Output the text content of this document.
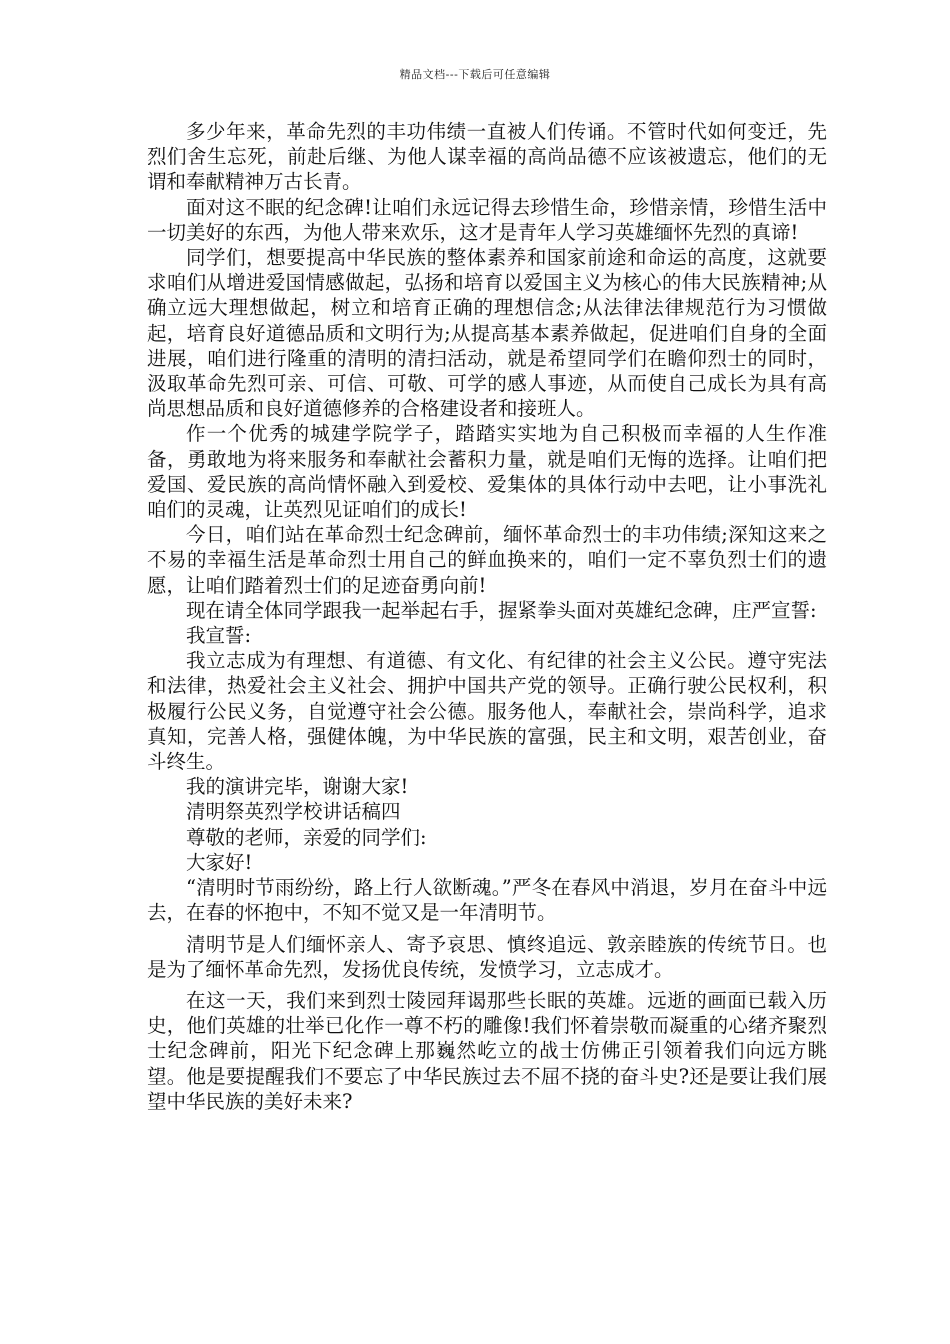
精品文档---下载后可任意编辑

多少年来，革命先烈的丰功伟绩一直被人们传诵。不管时代如何变迁，先烈们舍生忘死，前赴后继、为他人谋幸福的高尚品德不应该被遗忘，他们的无谓和奉献精神万古长青。

面对这不眠的纪念碑!让咱们永远记得去珍惜生命，珍惜亲情，珍惜生活中一切美好的东西，为他人带来欢乐，这才是青年人学习英雄缅怀先烈的真谛!

同学们，想要提高中华民族的整体素养和国家前途和命运的高度，这就要求咱们从增进爱国情感做起，弘扬和培育以爱国主义为核心的伟大民族精神;从确立远大理想做起，树立和培育正确的理想信念;从法律法律规范行为习惯做起，培育良好道德品质和文明行为;从提高基本素养做起，促进咱们自身的全面进展，咱们进行隆重的清明的清扫活动，就是希望同学们在瞻仰烈士的同时，汲取革命先烈可亲、可信、可敬、可学的感人事迹，从而使自己成长为具有高尚思想品质和良好道德修养的合格建设者和接班人。

作一个优秀的城建学院学子，踏踏实实地为自己积极而幸福的人生作准备，勇敢地为将来服务和奉献社会蓄积力量，就是咱们无悔的选择。让咱们把爱国、爱民族的高尚情怀融入到爱校、爱集体的具体行动中去吧，让小事洗礼咱们的灵魂，让英烈见证咱们的成长!

今日，咱们站在革命烈士纪念碑前，缅怀革命烈士的丰功伟绩;深知这来之不易的幸福生活是革命烈士用自己的鲜血换来的，咱们一定不辜负烈士们的遗愿，让咱们踏着烈士们的足迹奋勇向前!

现在请全体同学跟我一起举起右手，握紧拳头面对英雄纪念碑，庄严宣誓:

我宣誓:

我立志成为有理想、有道德、有文化、有纪律的社会主义公民。遵守宪法和法律，热爱社会主义社会、拥护中国共产党的领导。正确行驶公民权利，积极履行公民义务，自觉遵守社会公德。服务他人，奉献社会，崇尚科学，追求真知，完善人格，强健体魄，为中华民族的富强，民主和文明，艰苦创业，奋斗终生。

我的演讲完毕，谢谢大家!

清明祭英烈学校讲话稿四

尊敬的老师，亲爱的同学们:

大家好!

“清明时节雨纷纷，路上行人欲断魂。”严冬在春风中消退，岁月在奋斗中远去，在春的怀抱中，不知不觉又是一年清明节。

清明节是人们缅怀亲人、寄予哀思、慎终追远、敦亲睦族的传统节日。也是为了缅怀革命先烈，发扬优良传统，发愤学习，立志成才。

在这一天，我们来到烈士陵园拜谒那些长眠的英雄。远逝的画面已载入历史，他们英雄的壮举已化作一尊不朽的雕像!我们怀着崇敬而凝重的心绪齐聚烈士纪念碑前，阳光下纪念碑上那巍然屹立的战士仿佛正引领着我们向远方眺望。他是要提醒我们不要忘了中华民族过去不屈不挠的奋斗史?还是要让我们展望中华民族的美好未来?
